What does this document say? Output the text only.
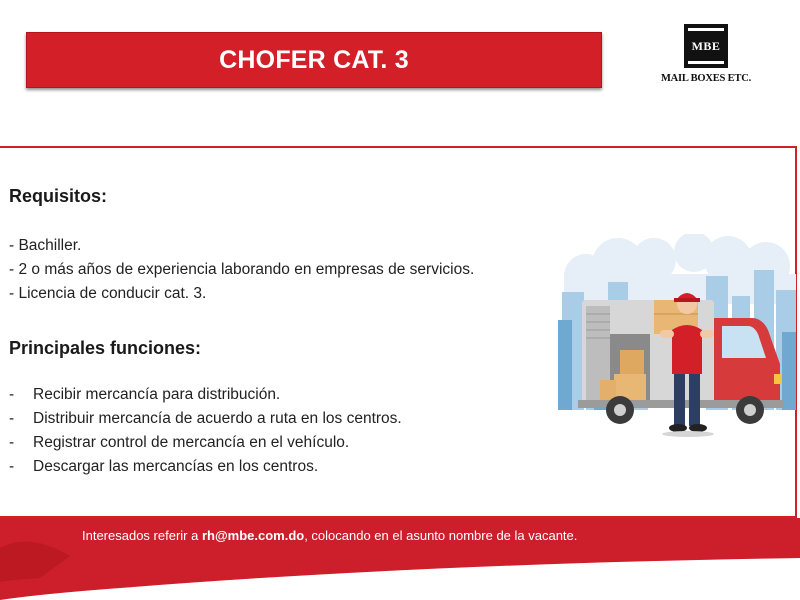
CHOFER CAT. 3	MBE
MAIL BOXES ETC.
Requisitos:
- Bachiller.
- 2 o más años de experiencia laborando en empresas de servicios.
- Licencia de conducir cat. 3.
Principales funciones:
- Recibir mercancía para distribución.
- Distribuir mercancía de acuerdo a ruta en los centros.
- Registrar control de mercancía en el vehículo.
- Descargar las mercancías en los centros.
Interesados referir a rh@mbe.com.do, colocando en el asunto nombre de la vacante.
